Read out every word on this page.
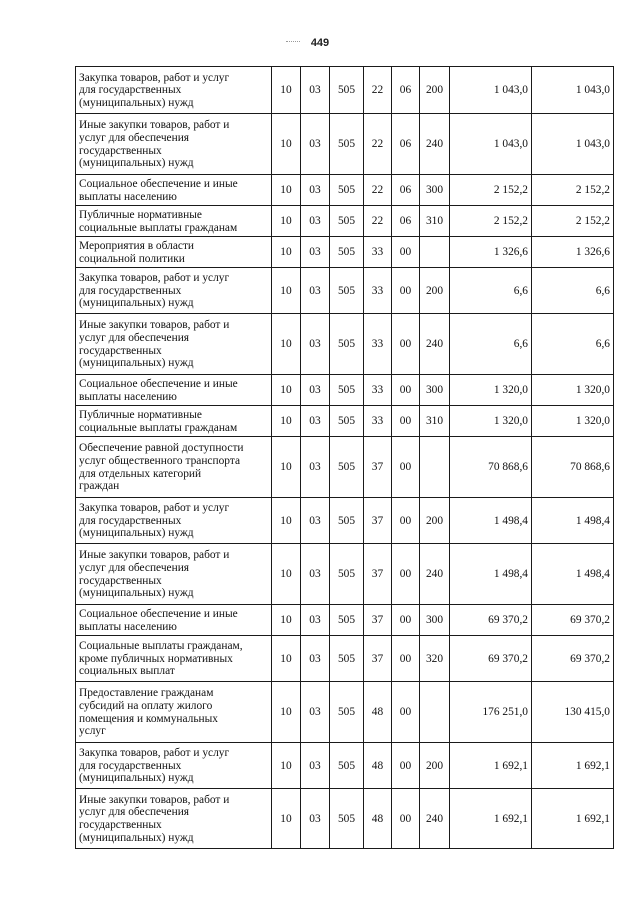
449
Закупка товаров, работ и услуг
для государственных
(муниципальных) нужд	10	03	505	22	06	200	1 043,0	1 043,0

Иные закупки товаров, работ и
услуг для обеспечения
государственных
(муниципальных) нужд	10	03	505	22	06	240	1 043,0	1 043,0

Социальное обеспечение и иные
выплаты населению	10	03	505	22	06	300	2 152,2	2 152,2

Публичные нормативные
социальные выплаты гражданам	10	03	505	22	06	310	2 152,2	2 152,2

Мероприятия в области
социальной политики	10	03	505	33	00		1 326,6	1 326,6

Закупка товаров, работ и услуг
для государственных
(муниципальных) нужд	10	03	505	33	00	200	6,6	6,6

Иные закупки товаров, работ и
услуг для обеспечения
государственных
(муниципальных) нужд	10	03	505	33	00	240	6,6	6,6

Социальное обеспечение и иные
выплаты населению	10	03	505	33	00	300	1 320,0	1 320,0

Публичные нормативные
социальные выплаты гражданам	10	03	505	33	00	310	1 320,0	1 320,0

Обеспечение равной доступности
услуг общественного транспорта
для отдельных категорий
граждан	10	03	505	37	00		70 868,6	70 868,6

Закупка товаров, работ и услуг
для государственных
(муниципальных) нужд	10	03	505	37	00	200	1 498,4	1 498,4

Иные закупки товаров, работ и
услуг для обеспечения
государственных
(муниципальных) нужд	10	03	505	37	00	240	1 498,4	1 498,4

Социальное обеспечение и иные
выплаты населению	10	03	505	37	00	300	69 370,2	69 370,2

Социальные выплаты гражданам,
кроме публичных нормативных
социальных выплат	10	03	505	37	00	320	69 370,2	69 370,2

Предоставление гражданам
субсидий на оплату жилого
помещения и коммунальных
услуг	10	03	505	48	00		176 251,0	130 415,0

Закупка товаров, работ и услуг
для государственных
(муниципальных) нужд	10	03	505	48	00	200	1 692,1	1 692,1

Иные закупки товаров, работ и
услуг для обеспечения
государственных
(муниципальных) нужд	10	03	505	48	00	240	1 692,1	1 692,1
